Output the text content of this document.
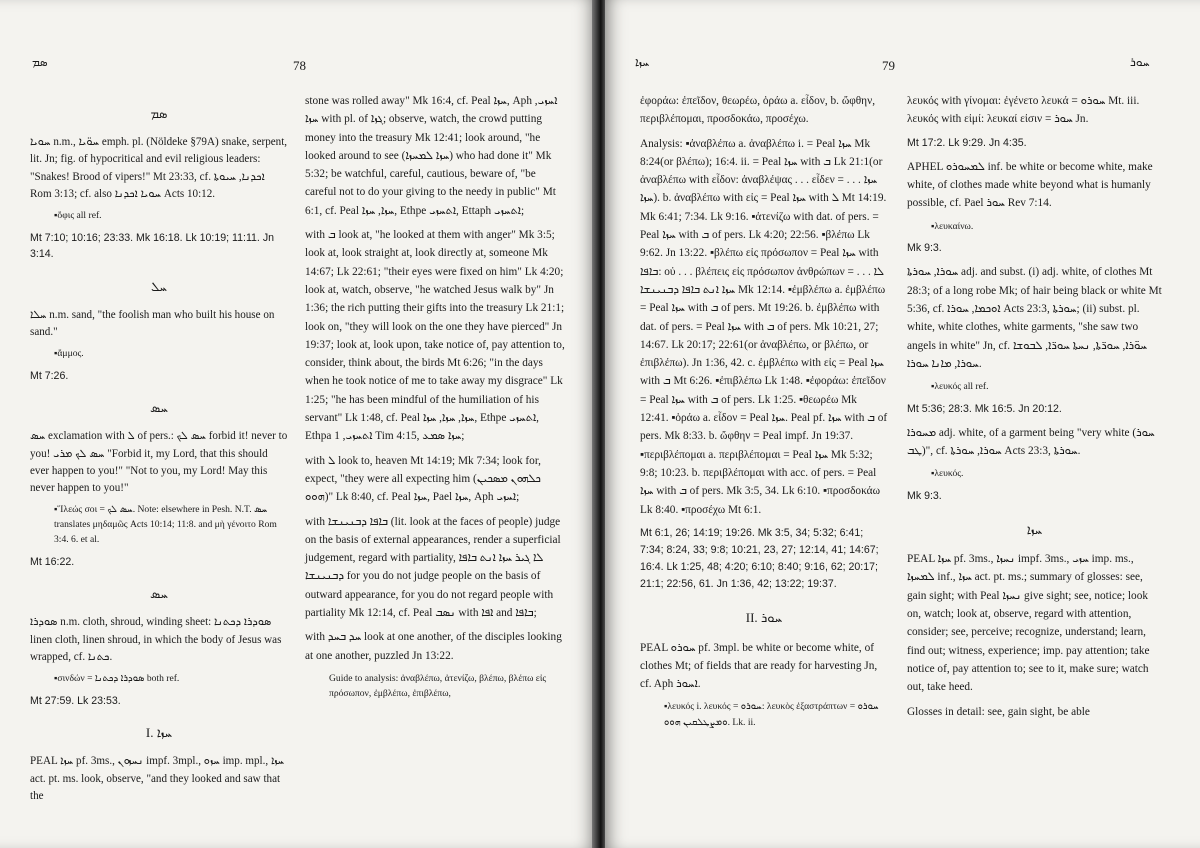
ܣܡ	78
ܣܡ

ܚܘܝܐ n.m., ܚܘ̈ܝܐ emph. pl. (Nöldeke §79A) snake, serpent, lit. Jn; fig. of hypocritical and evil religious leaders: "Snakes! Brood of vipers!" Mt 23:33, cf. ܐܟܕܢܐ, ܚܝܘܬܐ Rom 3:13; cf. also ܚܘܝܐ ܐܟܕܢܐ Acts 10:12.

▪ὄφις all ref.

Mt 7:10; 10:16; 23:33. Mk 16:18. Lk 10:19; 11:11. Jn 3:14.

ܚܠ

ܚܠܐ n.m. sand, "the foolish man who built his house on sand."

▪ἄμμος.

Mt 7:26.

ܚܣ

ܚܣ exclamation with ܠ of pers.: ܚܣ ܠܟ forbid it! never to you! ܚܣ ܠܟ ܡܪܝ "Forbid it, my Lord, that this should ever happen to you!" "Not to you, my Lord! May this never happen to you!"

▪Ἵλεώς σοι = ܚܣ ܠܟ. Note: elsewhere in Pesh. N.T. ܚܣ translates μηδαμῶς Acts 10:14; 11:8. and μὴ γένοιτο Rom 3:4. 6. et al.

Mt 16:22.

ܚܣ

ܣܘܕܪܐ n.m. cloth, shroud, winding sheet: ܣܘܕܪܐ ܕܟܬܢܐ linen cloth, linen shroud, in which the body of Jesus was wrapped, cf. ܟܬܢܐ.

▪σινδών = ܣܘܕܪܐ ܕܟܬܢܐ both ref.

Mt 27:59. Lk 23:53.

I. ܚܙܐ

PEAL ܚܙܐ pf. 3ms., ܢܚܙܘܢ impf. 3mpl., ܚܙܘ imp. mpl., ܚܙܐ act. pt. ms. look, observe, "and they looked and saw that the

stone was rolled away" Mk 16:4, cf. Peal ܚܙܐ, Aph ܐܚܙܝ, ܚܙܐ with pl. of ܓܙܐ; observe, watch, the crowd putting money into the treasury Mk 12:41; look around, "he looked around to see (ܚܙܐ ܠܡܚܙܐ) who had done it" Mk 5:32; be watchful, careful, cautious, beware of, "be careful not to do your giving to the needy in public" Mt 6:1, cf. Peal ܚܙܐ, ܚܙܐ, Ethpe ܐܬܚܙܝ, Ettaph ܐܬܚܙܝ;

with ܒ look at, "he looked at them with anger" Mk 3:5; look at, look straight at, look directly at, someone Mk 14:67; Lk 22:61; "their eyes were fixed on him" Lk 4:20; look at, watch, observe, "he watched Jesus walk by" Jn 1:36; the rich putting their gifts into the treasury Lk 21:1; look on, "they will look on the one they have pierced" Jn 19:37; look at, look upon, take notice of, pay attention to, consider, think about, the birds Mt 6:26; "in the days when he took notice of me to take away my disgrace" Lk 1:25; "he has been mindful of the humiliation of his servant" Lk 1:48, cf. Peal ܚܙܐ, ܚܙܐ, ܚܙܐ, Ethpe ܐܬܚܙܝ, Ethpa ܐܬܚܙܝ, 1 Tim 4:15, ܚܙܐ ܣܡܥ;

with ܠ look to, heaven Mt 14:19; Mk 7:34; look for, expect, "they were all expecting him (ܟܠܗܘܢ ܡܣܟܝܢ ܗܘܘ)" Lk 8:40, cf. Peal ܚܙܐ, Pael ܚܙܐ, Aph ܐܚܙܝ;

with ܒܐܦܐ ܕܒܢܝܢܫܐ (lit. look at the faces of people) judge on the basis of external appearances, render a superficial judgement, regard with partiality, ܠܐ ܓܝܪ ܚܙܐ ܐܢܬ ܒܐܦܐ ܕܒܢܝܢܫܐ for you do not judge people on the basis of outward appearance, for you do not regard people with partiality Mk 12:14, cf. Peal ܢܣܒ with ܐܦܐ and ܒܐܦܐ;

with ܚܕ ܒܚܕ look at one another, of the disciples looking at one another, puzzled Jn 13:22.

Guide to analysis: ἀναβλέπω, ἀτενίζω, βλέπω, βλέπω εἰς πρόσωπον, ἐμβλέπω, ἐπιβλέπω,

ܚܙܐ	79	ܚܘܪ

ἐφοράω: ἐπεῖδον, θεωρέω, ὁράω a. εἶδον, b. ὤφθην, περιβλέπομαι, προσδοκάω, προσέχω.

Analysis: ▪ἀναβλέπω a. ἀναβλέπω i. = Peal ܚܙܐ Mk 8:24(or βλέπω); 16:4. ii. = Peal ܚܙܐ with ܒ Lk 21:1(or ἀναβλέπω with εἶδον: ἀναβλέψας . . . εἶδεν = ܚܙܐ . . . ܚܙܐ). b. ἀναβλέπω with εἰς = Peal ܚܙܐ with ܠ Mt 14:19. Mk 6:41; 7:34. Lk 9:16. ▪ἀτενίζω with dat. of pers. = Peal ܚܙܐ with ܒ of pers. Lk 4:20; 22:56. ▪βλέπω Lk 9:62. Jn 13:22. ▪βλέπω εἰς πρόσωπον = Peal ܚܙܐ with ܒܐܦܐ: οὐ . . . βλέπεις εἰς πρόσωπον ἀνθρώπων = ܠܐ . . . ܚܙܐ ܐܢܬ ܒܐܦܐ ܕܒܢܝܢܫܐ Mk 12:14. ▪ἐμβλέπω a. ἐμβλέπω = Peal ܚܙܐ with ܒ of pers. Mt 19:26. b. ἐμβλέπω with dat. of pers. = Peal ܚܙܐ with ܒ of pers. Mk 10:21, 27; 14:67. Lk 20:17; 22:61(or ἀναβλέπω, or βλέπω, or ἐπιβλέπω). Jn 1:36, 42. c. ἐμβλέπω with εἰς = Peal ܚܙܐ with ܒ Mt 6:26. ▪ἐπιβλέπω Lk 1:48. ▪ἐφοράω: ἐπεῖδον = Peal ܚܙܐ with ܒ of pers. Lk 1:25. ▪θεωρέω Mk 12:41. ▪ὁράω a. εἶδον = Peal ܚܙܐ. Peal pf. ܚܙܐ with ܒ of pers. Mk 8:33. b. ὤφθην = Peal impf. Jn 19:37. ▪περιβλέπομαι a. περιβλέπομαι = Peal ܚܙܐ Mk 5:32; 9:8; 10:23. b. περιβλέπομαι with acc. of pers. = Peal ܚܙܐ with ܒ of pers. Mk 3:5, 34. Lk 6:10. ▪προσδοκάω Lk 8:40. ▪προσέχω Mt 6:1.

Mt 6:1, 26; 14:19; 19:26. Mk 3:5, 34; 5:32; 6:41; 7:34; 8:24, 33; 9:8; 10:21, 23, 27; 12:14, 41; 14:67; 16:4. Lk 1:25, 48; 4:20; 6:10; 8:40; 9:16, 62; 20:17; 21:1; 22:56, 61. Jn 1:36, 42; 13:22; 19:37.

II. ܚܘܪ

PEAL ܚܘܪܘ pf. 3mpl. be white or become white, of clothes Mt; of fields that are ready for harvesting Jn, cf. Aph ܐܚܘܪ.

▪λευκός i. λευκός = ܚܘܪܘ: λευκὸς ἐξαστράπτων = ܚܘܪܘ ܘܡܨܛܠܩܝܢ ܗܘܘ. Lk. ii.

λευκός with γίνομαι: ἐγένετο λευκά = ܚܘܪܘ Mt. iii. λευκός with εἰμί: λευκαί εἰσιν = ܚܘܪ Jn.

Mt 17:2. Lk 9:29. Jn 4:35.

APHEL ܠܡܚܘܪܘ inf. be white or become white, make white, of clothes made white beyond what is humanly possible, cf. Pael ܚܘܪ Rev 7:14.

▪λευκαίνω.

Mk 9:3.

ܚܘܪܐ, ܚܘܪܬܐ adj. and subst. (i) adj. white, of clothes Mt 28:3; of a long robe Mk; of hair being black or white Mt 5:36, cf. ܐܘܟܡܐ, ܚܘܪܐ Acts 23:3, ܚܘܪܬܐ; (ii) subst. pl. white, white clothes, white garments, "she saw two angels in white" Jn, cf. ܚܘ̈ܪܐ, ܚܘܪ̈ܬܐ, ܢܚܬܐ ܚܘܪ̈ܐ, ܠܒܘܫܐ ܚܘܪܐ, ܡܐܢܐ ܚܘܪܐ.

▪λευκός all ref.

Mt 5:36; 28:3. Mk 16:5. Jn 20:12.

ܡܚܘܪܐ adj. white, of a garment being "very white (ܚܘܪ ܛܒ)", cf. ܚܘܪܐ, ܚܘܪܬܐ Acts 23:3, ܚܘܪܬܐ.

▪λευκός.

Mk 9:3.

ܚܙܐ

PEAL ܚܙܐ pf. 3ms., ܢܚܙܐ impf. 3ms., ܚܙܝ imp. ms., ܠܡܚܙܐ inf., ܚܙܐ act. pt. ms.; summary of glosses: see, gain sight; with Peal ܢܚܙܐ give sight; see, notice; look on, watch; look at, observe, regard with attention, consider; see, perceive; recognize, understand; learn, find out; witness, experience; imp. pay attention; take notice of, pay attention to; see to it, make sure; watch out, take heed.

Glosses in detail: see, gain sight, be able
